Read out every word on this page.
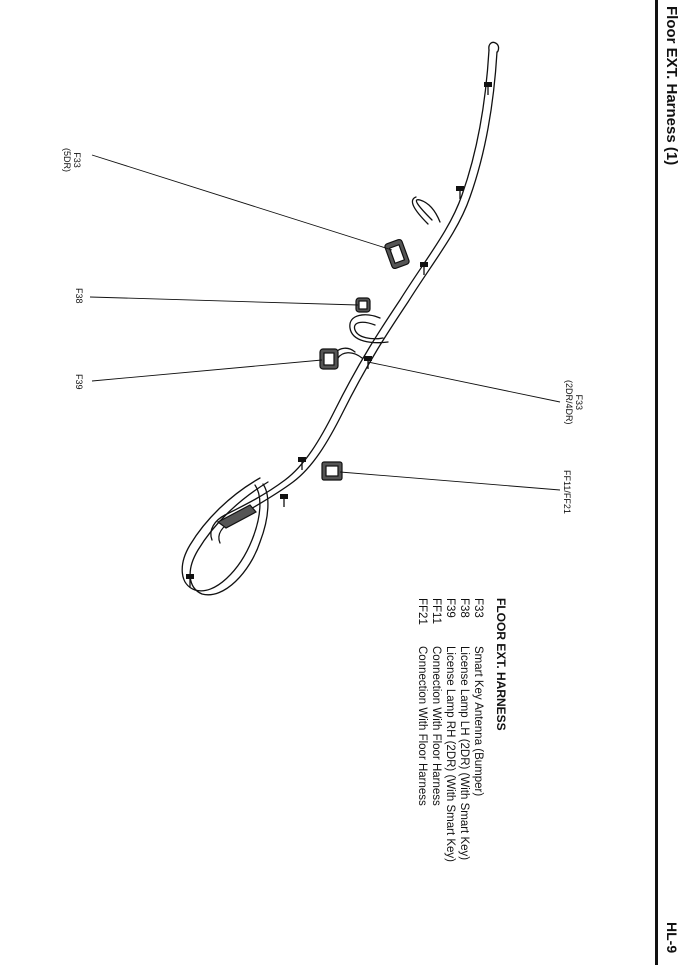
Floor EXT. Harness (1)
HL-9
F33
(5DR)
F38
F39
F33
(2DR/4DR)
FF11/FF21
FLOOR EXT. HARNESS
F33Smart Key Antenna (Bumper)
F38License Lamp LH (2DR) (With Smart Key)
F39License Lamp RH (2DR) (With Smart Key)
FF11Connection With Floor Harness
FF21Connection With Floor Harness
